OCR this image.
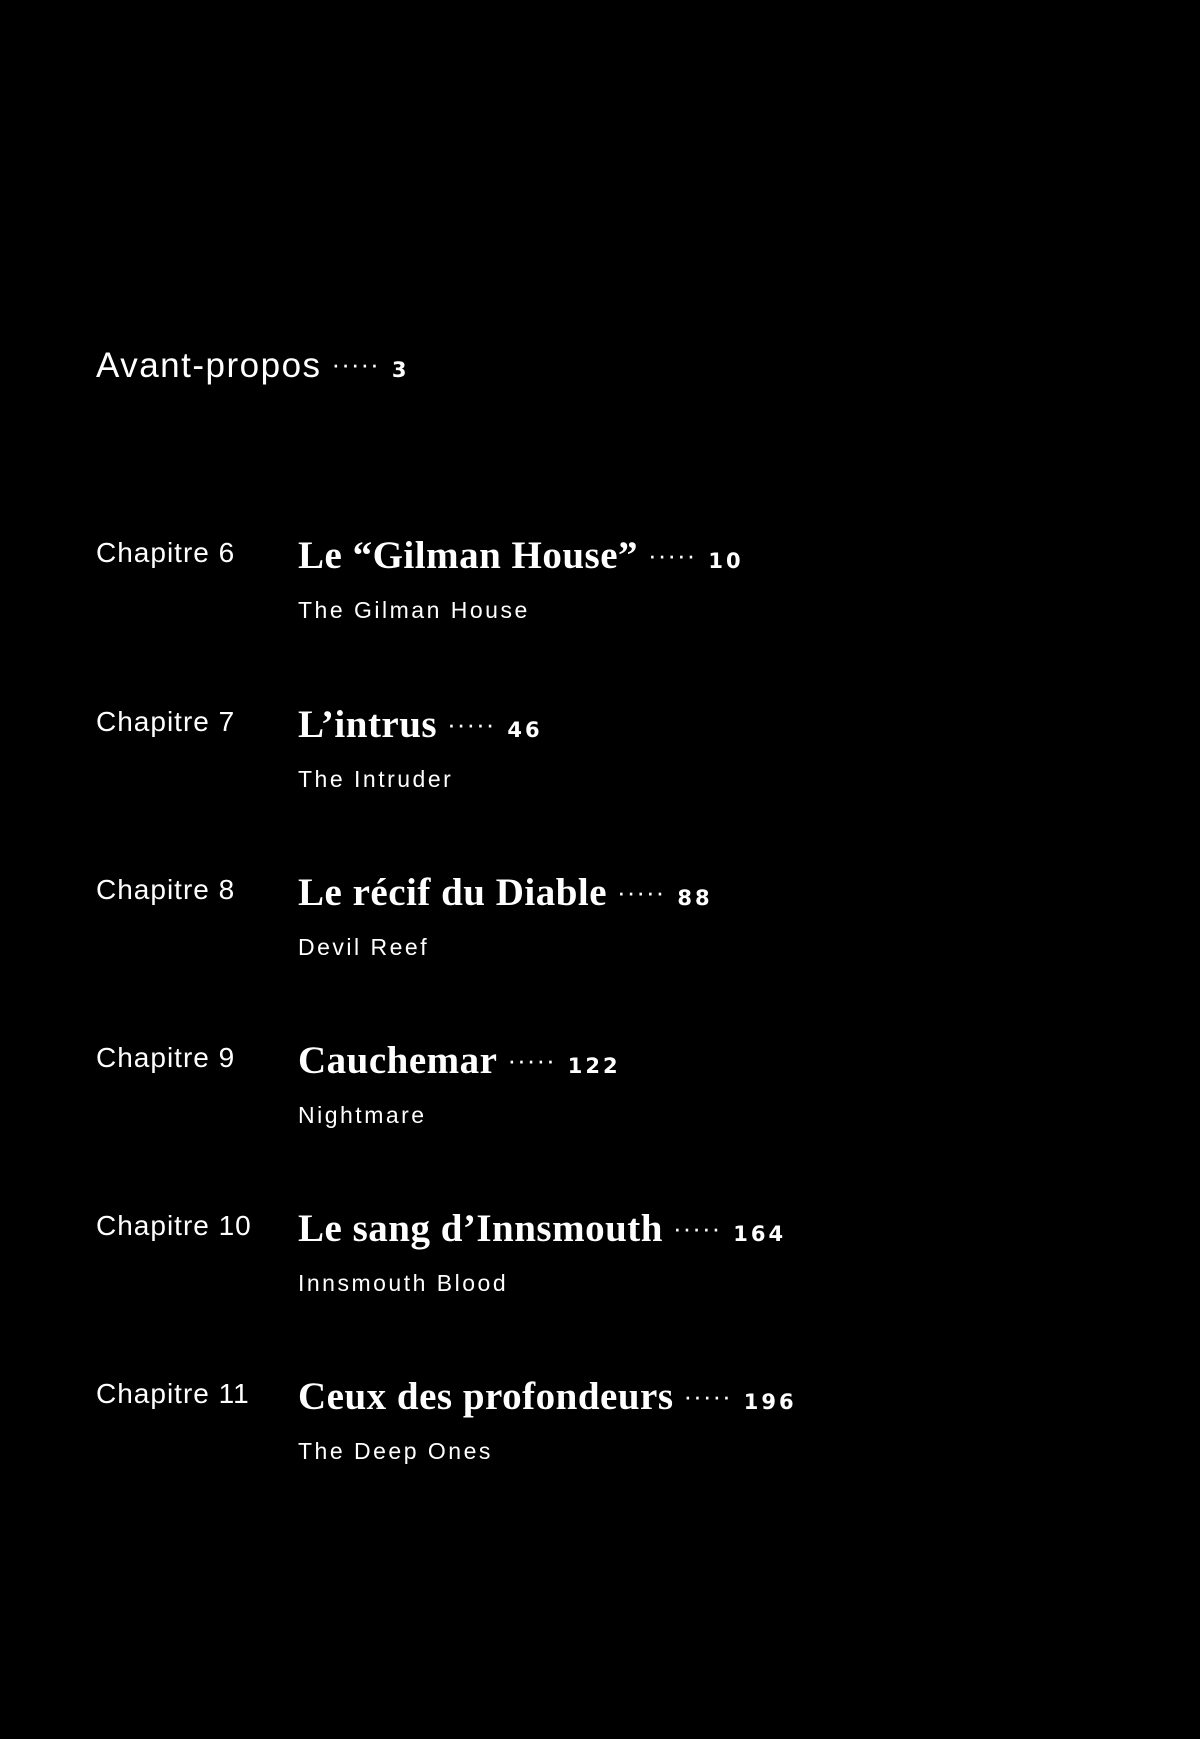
Avant-propos ····· 3
Chapitre 6 Le “Gilman House” ····· 10
The Gilman House
Chapitre 7 L’intrus ····· 46
The Intruder
Chapitre 8 Le récif du Diable ····· 88
Devil Reef
Chapitre 9 Cauchemar ····· 122
Nightmare
Chapitre 10 Le sang d’Innsmouth ····· 164
Innsmouth Blood
Chapitre 11 Ceux des profondeurs ····· 196
The Deep Ones
